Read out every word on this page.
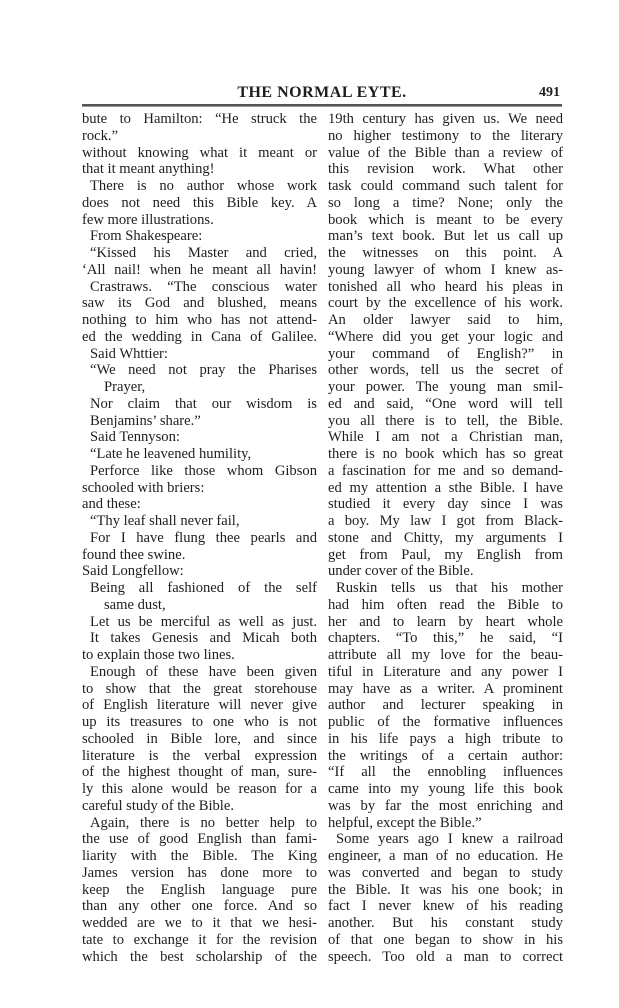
THE NORMAL EYTE.	491
bute to Hamilton: “He struck the
rock.”
without knowing what it meant or
that it meant anything!
There is no author whose work
does not need this Bible key. A
few more illustrations.
From Shakespeare:
“Kissed his Master and cried,
‘All nail! when he meant all havin!
Crastraws. “The conscious water
saw its God and blushed, means
nothing to him who has not attend-
ed the wedding in Cana of Galilee.
Said Whttier:
“We need not pray the Pharises
Prayer,
Nor claim that our wisdom is
Benjamins’ share.”
Said Tennyson:
“Late he leavened humility,
Perforce like those whom Gibson
schooled with briers:
and these:
“Thy leaf shall never fail,
For I have flung thee pearls and
found thee swine.
Said Longfellow:
Being all fashioned of the self
same dust,
Let us be merciful as well as just.
It takes Genesis and Micah both
to explain those two lines.
Enough of these have been given
to show that the great storehouse
of English literature will never give
up its treasures to one who is not
schooled in Bible lore, and since
literature is the verbal expression
of the highest thought of man, sure-
ly this alone would be reason for a
careful study of the Bible.
Again, there is no better help to
the use of good English than fami-
liarity with the Bible. The King
James version has done more to
keep the English language pure
than any other one force. And so
wedded are we to it that we hesi-
tate to exchange it for the revision
which the best scholarship of the
19th century has given us. We need
no higher testimony to the literary
value of the Bible than a review of
this revision work. What other
task could command such talent for
so long a time? None; only the
book which is meant to be every
man’s text book. But let us call up
the witnesses on this point. A
young lawyer of whom I knew as-
tonished all who heard his pleas in
court by the excellence of his work.
An older lawyer said to him,
“Where did you get your logic and
your command of English?” in
other words, tell us the secret of
your power. The young man smil-
ed and said, “One word will tell
you all there is to tell, the Bible.
While I am not a Christian man,
there is no book which has so great
a fascination for me and so demand-
ed my attention a sthe Bible. I have
studied it every day since I was
a boy. My law I got from Black-
stone and Chitty, my arguments I
get from Paul, my English from
under cover of the Bible.
Ruskin tells us that his mother
had him often read the Bible to
her and to learn by heart whole
chapters. “To this,” he said, “I
attribute all my love for the beau-
tiful in Literature and any power I
may have as a writer. A prominent
author and lecturer speaking in
public of the formative influences
in his life pays a high tribute to
the writings of a certain author:
“If all the ennobling influences
came into my young life this book
was by far the most enriching and
helpful, except the Bible.”
Some years ago I knew a railroad
engineer, a man of no education. He
was converted and began to study
the Bible. It was his one book; in
fact I never knew of his reading
another. But his constant study
of that one began to show in his
speech. Too old a man to correct
